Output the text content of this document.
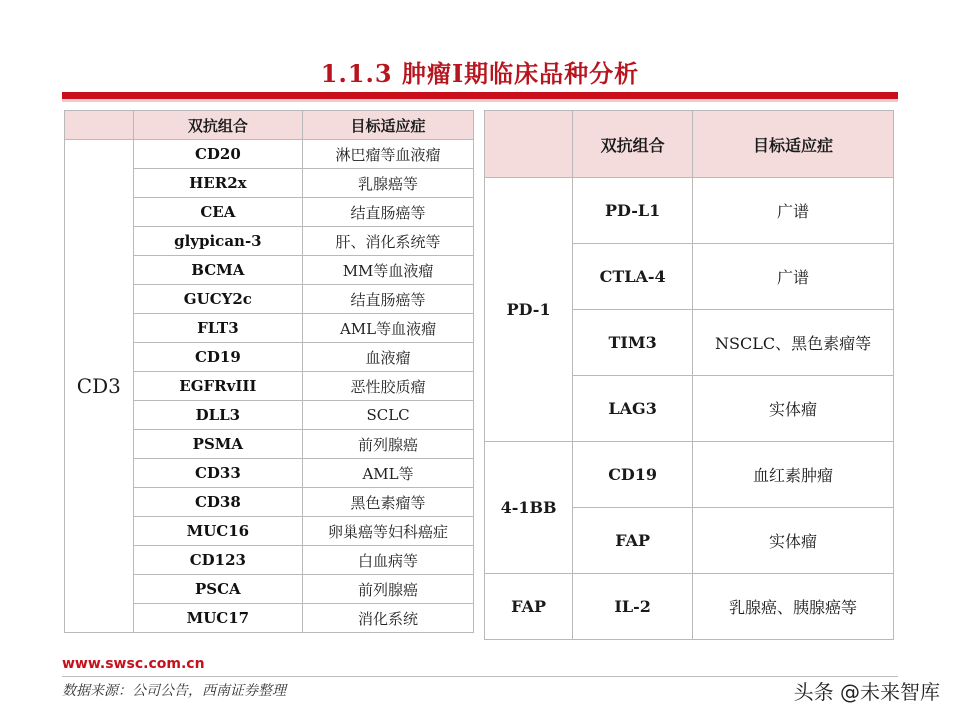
1.1.3 肿瘤I期临床品种分析
	双抗组合	目标适应症
CD3	CD20	淋巴瘤等血液瘤
	HER2x	乳腺癌等
	CEA	结直肠癌等
	glypican-3	肝、消化系统等
	BCMA	MM等血液瘤
	GUCY2c	结直肠癌等
	FLT3	AML等血液瘤
	CD19	血液瘤
	EGFRvIII	恶性胶质瘤
	DLL3	SCLC
	PSMA	前列腺癌
	CD33	AML等
	CD38	黑色素瘤等
	MUC16	卵巢癌等妇科癌症
	CD123	白血病等
	PSCA	前列腺癌
	MUC17	消化系统
	双抗组合	目标适应症
PD-1	PD-L1	广谱
	CTLA-4	广谱
	TIM3	NSCLC、黑色素瘤等
	LAG3	实体瘤
4-1BB	CD19	血红素肿瘤
	FAP	实体瘤
FAP	IL-2	乳腺癌、胰腺癌等
www.swsc.com.cn
数据来源：公司公告，西南证券整理	头条 @未来智库
